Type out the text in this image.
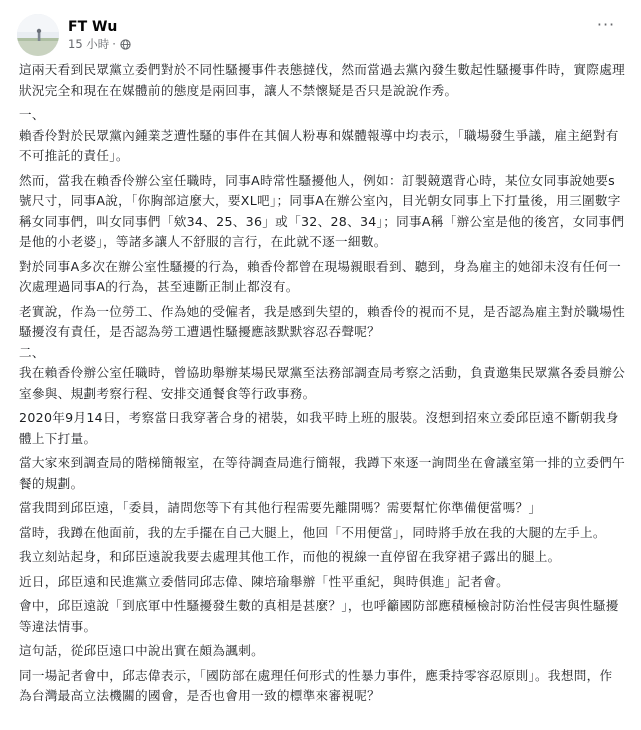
FT Wu
15 小時 ·
···

這兩天看到民眾黨立委們對於不同性騷擾事件表態撻伐，然而當過去黨內發生數起性騷擾事件時，實際處理狀況完全和現在在媒體前的態度是兩回事，讓人不禁懷疑是否只是說說作秀。

一、

賴香伶對於民眾黨內鍾業芝遭性騷的事件在其個人粉專和媒體報導中均表示，「職場發生爭議，雇主絕對有不可推託的責任」。

然而，當我在賴香伶辦公室任職時，同事A時常性騷擾他人，例如：訂製競選背心時，某位女同事說她要s號尺寸，同事A說，「你胸部這麼大，要XL吧」；同事A在辦公室內，目光朝女同事上下打量後，用三圍數字稱女同事們，叫女同事們「欸34、25、36」或「32、28、34」；同事A稱「辦公室是他的後宮，女同事們是他的小老婆」，等諸多讓人不舒服的言行，在此就不逐一細數。

對於同事A多次在辦公室性騷擾的行為，賴香伶都曾在現場親眼看到、聽到，身為雇主的她卻未沒有任何一次處理過同事A的行為，甚至連斷正制止都沒有。

老實說，作為一位勞工、作為她的受僱者，我是感到失望的，賴香伶的視而不見，是否認為雇主對於職場性騷擾沒有責任，是否認為勞工遭遇性騷擾應該默默容忍吞聲呢？

二、

我在賴香伶辦公室任職時，曾協助舉辦某場民眾黨至法務部調查局考察之活動，負責邀集民眾黨各委員辦公室參與、規劃考察行程、安排交通餐食等行政事務。

2020年9月14日，考察當日我穿著合身的裙裝，如我平時上班的服裝。沒想到招來立委邱臣遠不斷朝我身體上下打量。

當大家來到調查局的階梯簡報室，在等待調查局進行簡報，我蹲下來逐一詢問坐在會議室第一排的立委們午餐的規劃。

當我問到邱臣遠，「委員，請問您等下有其他行程需要先離開嗎？需要幫忙你準備便當嗎？」

當時，我蹲在他面前，我的左手擺在自己大腿上，他回「不用便當」，同時將手放在我的大腿的左手上。

我立刻站起身，和邱臣遠說我要去處理其他工作，而他的視線一直停留在我穿裙子露出的腿上。

近日，邱臣遠和民進黨立委偕同邱志偉、陳培瑜舉辦「性平重紀，與時俱進」記者會。

會中，邱臣遠說「到底軍中性騷擾發生數的真相是甚麼？」，也呼籲國防部應積極檢討防治性侵害與性騷擾等違法情事。

這句話，從邱臣遠口中說出實在頗為諷刺。

同一場記者會中，邱志偉表示，「國防部在處理任何形式的性暴力事件，應秉持零容忍原則」。我想問，作為台灣最高立法機關的國會，是否也會用一致的標準來審視呢？
